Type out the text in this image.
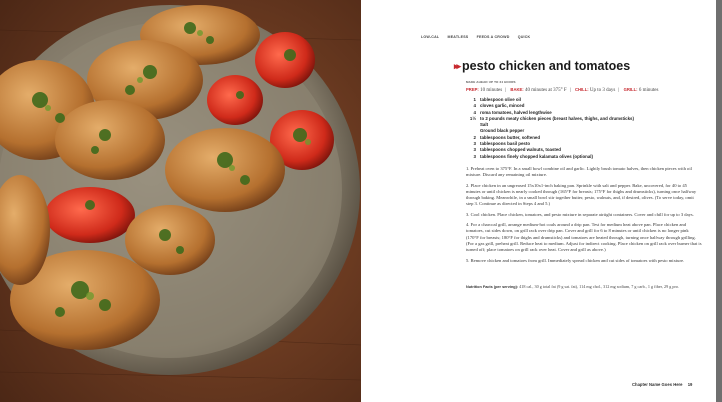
LOW-CAL MEATLESS FEEDS A CROWD QUICK
▸▸ pesto chicken and tomatoes
MAKE AHEAD UP TO 24 HOURS
PREP: 10 minutes | BAKE: 40 minutes at 375° F | CHILL: Up to 3 days | GRILL: 6 minutes
1 tablespoon olive oil
4 cloves garlic, minced
4 roma tomatoes, halved lengthwise
1½ to 2 pounds meaty chicken pieces (breast halves, thighs, and drumsticks)
Salt
Ground black pepper
2 tablespoons butter, softened
3 tablespoons basil pesto
3 tablespoons chopped walnuts, toasted
3 tablespoons finely chopped kalamata olives (optional)

1. Preheat oven to 375°F. In a small bowl combine oil and garlic. Lightly brush tomato halves, then chicken pieces with oil mixture. Discard any remaining oil mixture.

2. Place chicken in an ungreased 15x10x1-inch baking pan. Sprinkle with salt and pepper. Bake, uncovered, for 40 to 45 minutes or until chicken is nearly cooked through (165°F for breasts; 175°F for thighs and drumsticks), turning once halfway through baking. Meanwhile, in a small bowl stir together butter, pesto, walnuts, and, if desired, olives. (To serve today, omit step 3. Continue as directed in Steps 4 and 5.)

3. Cool chicken. Place chicken, tomatoes, and pesto mixture in separate airtight containers. Cover and chill for up to 3 days.

4. For a charcoal grill, arrange medium-hot coals around a drip pan. Test for medium heat above pan. Place chicken and tomatoes, cut sides down, on grill rack over drip pan. Cover and grill for 6 to 8 minutes or until chicken is no longer pink (170°F for breasts; 180°F for thighs and drumsticks) and tomatoes are heated through, turning once halfway through grilling. (For a gas grill, preheat grill. Reduce heat to medium. Adjust for indirect cooking. Place chicken on grill rack over burner that is turned off; place tomatoes on grill rack over heat. Cover and grill as above.)

5. Remove chicken and tomatoes from grill. Immediately spread chicken and cut sides of tomatoes with pesto mixture.

Nutrition Facts (per serving): 418 cal., 30 g total fat (9 g sat. fat), 114 mg chol., 312 mg sodium, 7 g carb., 1 g fiber, 29 g pro.
Chapter Name Goes Here 19
